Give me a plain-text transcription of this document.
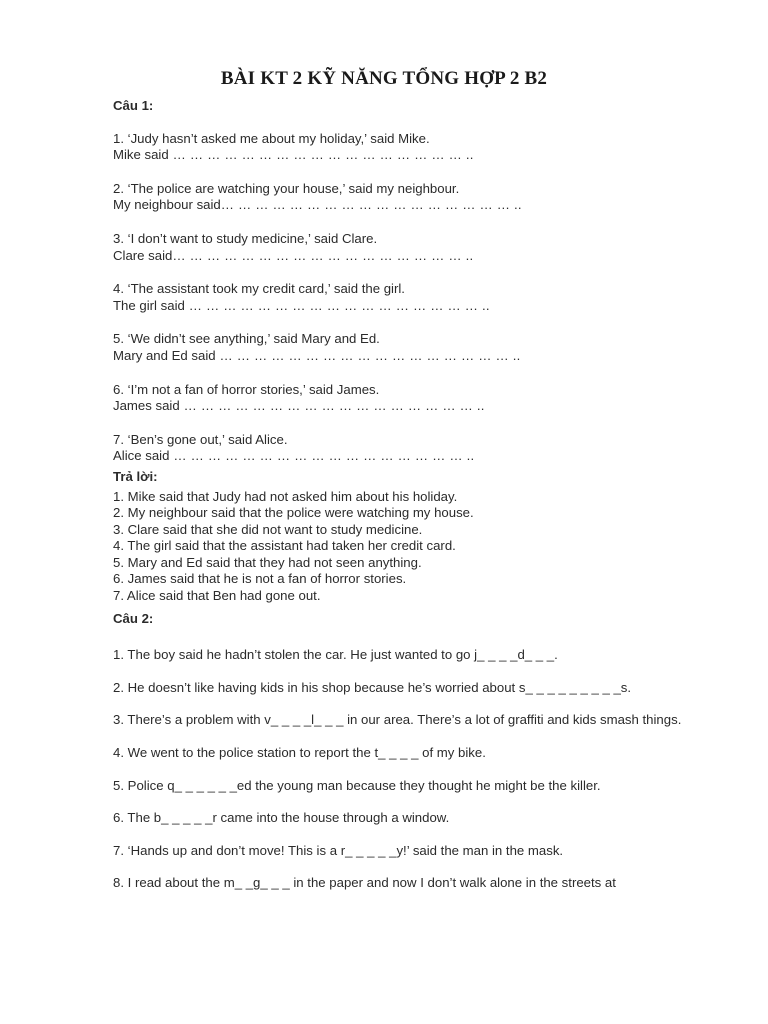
BÀI KT 2 KỸ NĂNG TỔNG HỢP 2 B2

Câu 1:

1. ‘Judy hasn’t asked me about my holiday,’ said Mike.
Mike said … … … … … … … … … … … … … … … … … ..
2. ‘The police are watching your house,’ said my neighbour.
My neighbour said… … … … … … … … … … … … … … … … … ..
3. ‘I don’t want to study medicine,’ said Clare.
Clare said… … … … … … … … … … … … … … … … … ..
4. ‘The assistant took my credit card,’ said the girl.
The girl said … … … … … … … … … … … … … … … … … ..
5. ‘We didn’t see anything,’ said Mary and Ed.
Mary and Ed said … … … … … … … … … … … … … … … … … ..
6. ‘I’m not a fan of horror stories,’ said James.
James said … … … … … … … … … … … … … … … … … ..
7. ‘Ben’s gone out,’ said Alice.
Alice said … … … … … … … … … … … … … … … … … ..

Trả lời:

1. Mike said that Judy had not asked him about his holiday.
2. My neighbour said that the police were watching my house.
3. Clare said that she did not want to study medicine.
4. The girl said that the assistant had taken her credit card.
5. Mary and Ed said that they had not seen anything.
6. James said that he is not a fan of horror stories.
7. Alice said that Ben had gone out.

Câu 2:

1. The boy said he hadn’t stolen the car. He just wanted to go j_ _ _ _d_ _ _.

2. He doesn’t like having kids in his shop because he’s worried about s_ _ _ _ _ _ _ _ _s.

3. There’s a problem with v_ _ _ _l_ _ _ in our area. There’s a lot of graffiti and kids smash things.

4. We went to the police station to report the t_ _ _ _ of my bike.

5. Police q_ _ _ _ _ _ed the young man because they thought he might be the killer.

6. The b_ _ _ _ _r came into the house through a window.

7. ‘Hands up and don’t move! This is a r_ _ _ _ _y!’ said the man in the mask.

8. I read about the m_ _g_ _ _ in the paper and now I don’t walk alone in the streets at
